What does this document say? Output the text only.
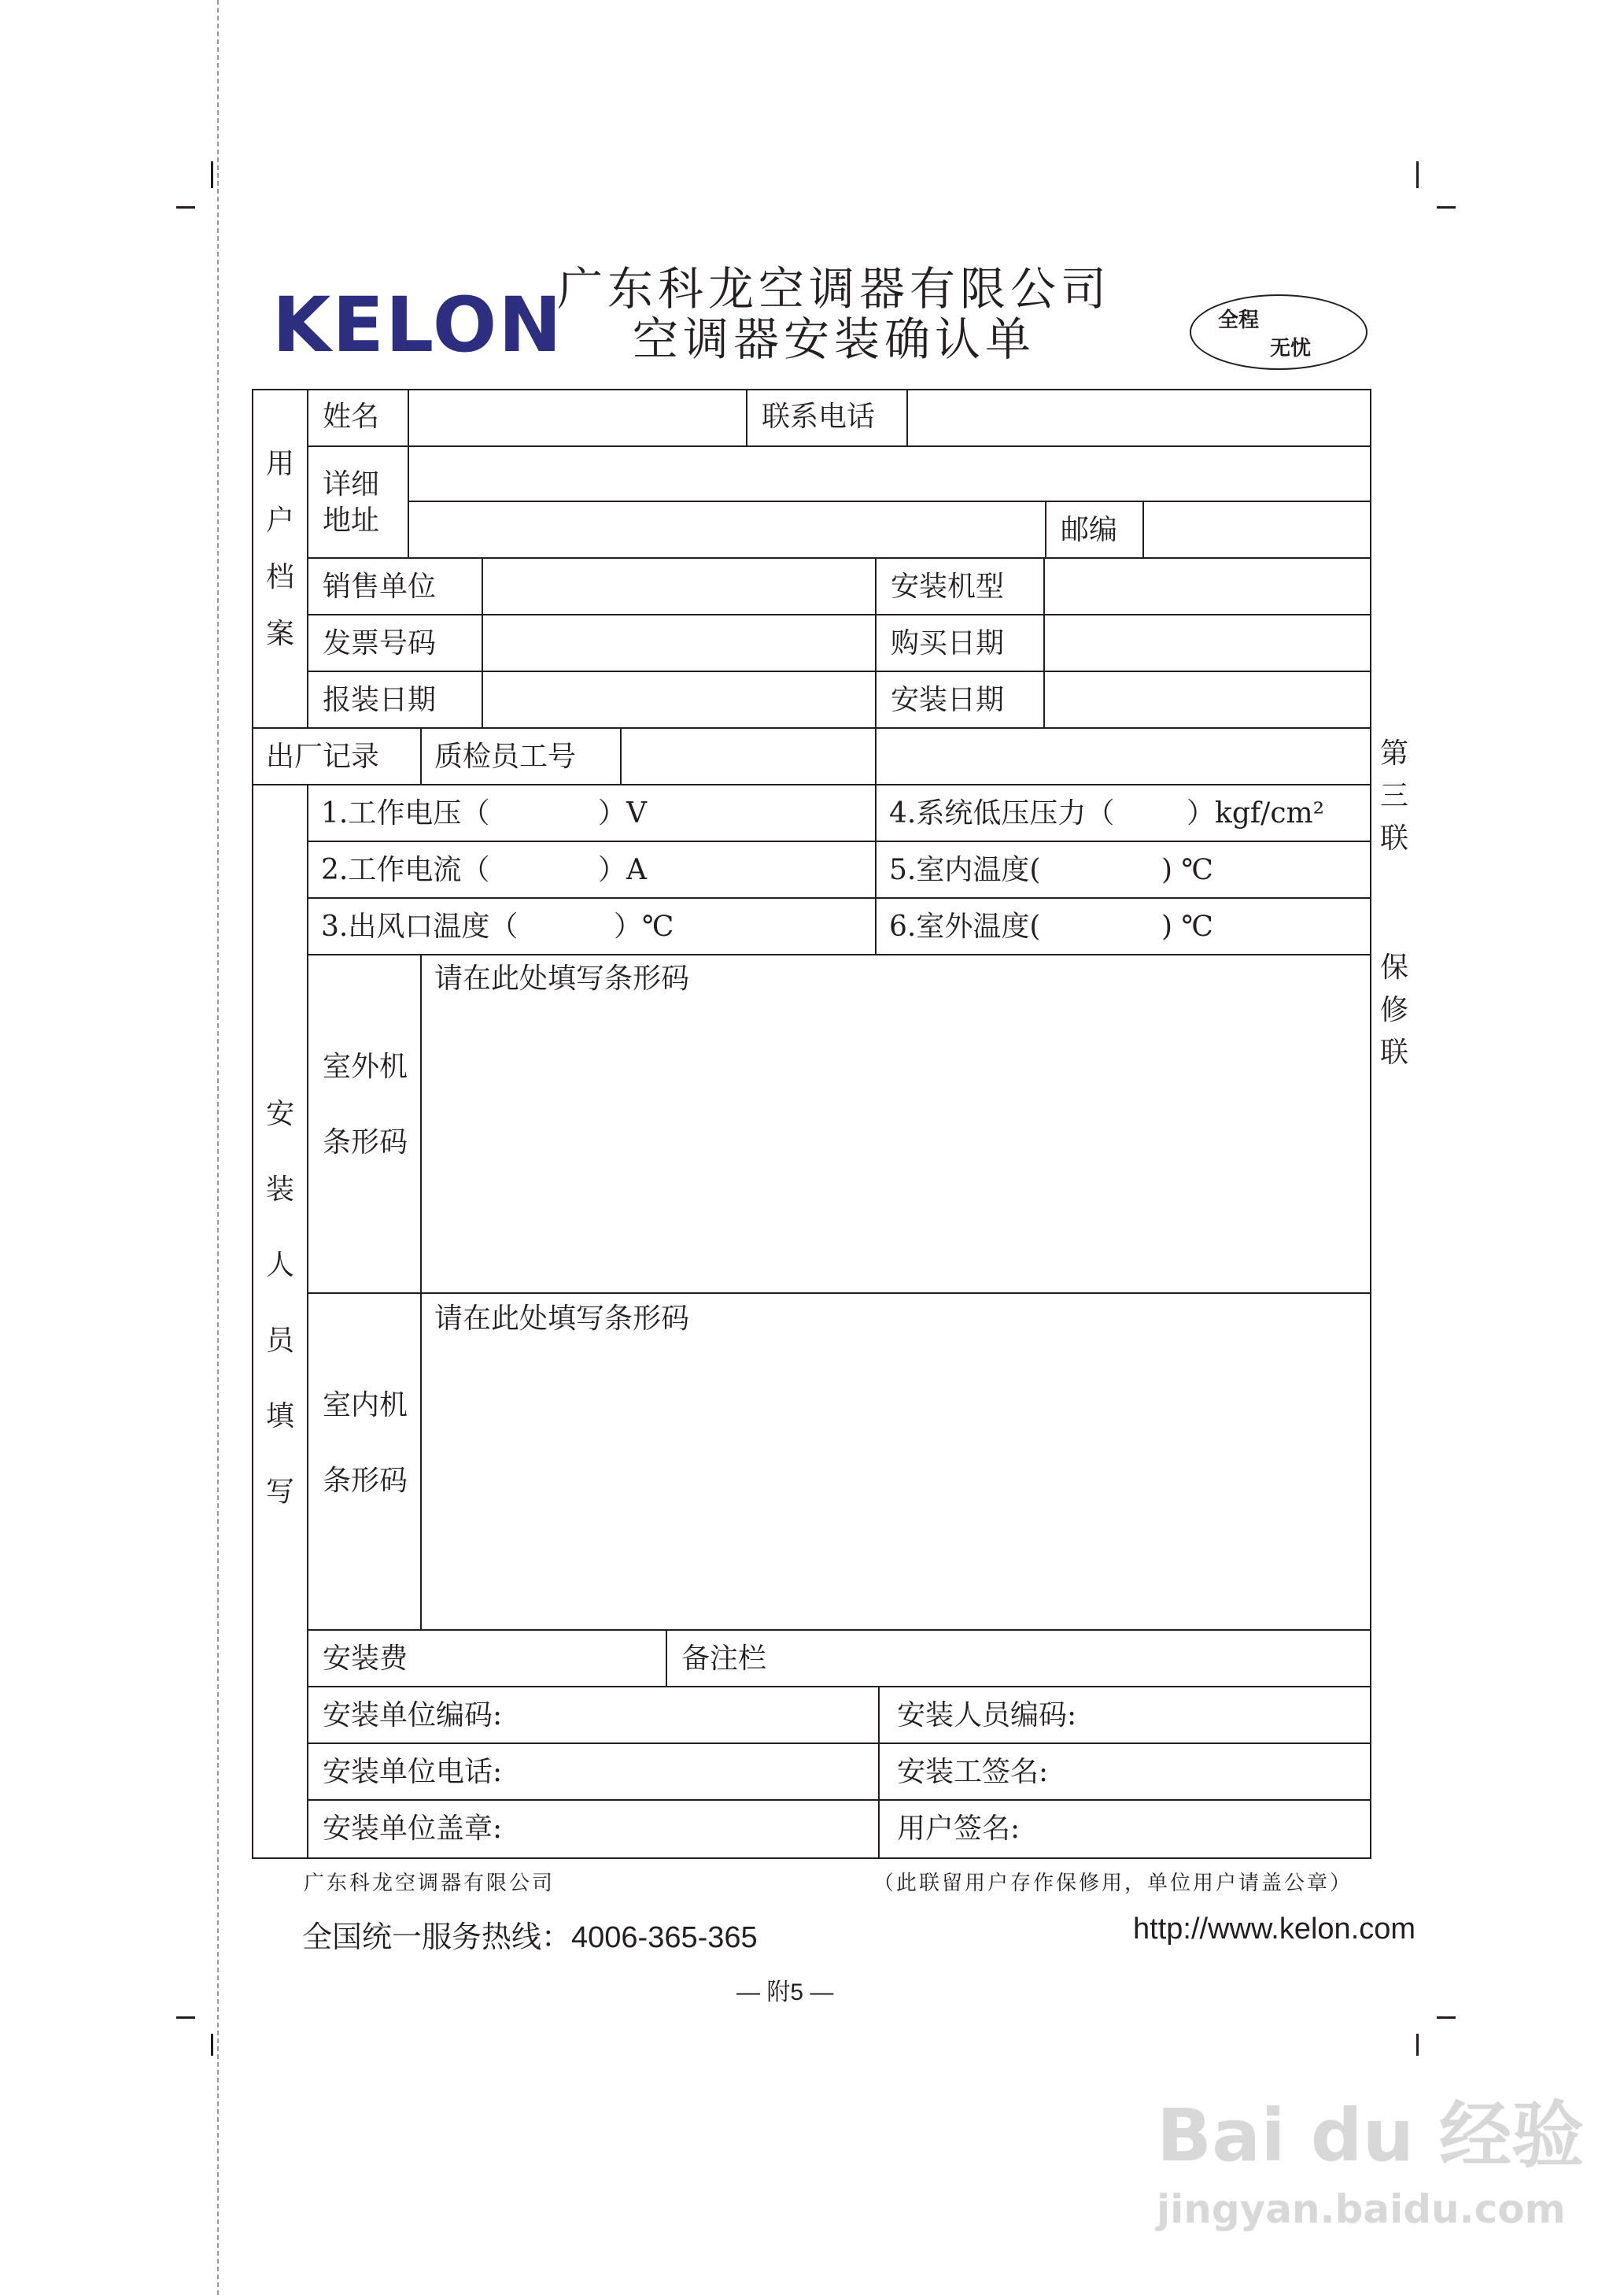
KELON
广东科龙空调器有限公司
空调器安装确认单	全程
无忧
用
户
档
案
安
装
人
员
填
写
姓名	联系电话
详细
地址	邮编
销售单位	安装机型
发票号码	购买日期
报装日期	安装日期
出厂记录 质检员工号
1.工作电压（	）V
2.工作电流（	）A
3.出风口温度（	）℃
4.系统低压压力（	）kgf/cm²
5.室内温度(	) ℃
6.室外温度(	) ℃
请在此处填写条形码
室外机
条形码
请在此处填写条形码
室内机
条形码
安装费	备注栏
安装单位编码:	安装人员编码:
安装单位电话:	安装工签名:
安装单位盖章:	用户签名:
第
三
联
保
修
联
广东科龙空调器有限公司	（此联留用户存作保修用，单位用户请盖公章）
全国统一服务热线：4006-365-365	http://www.kelon.com
— 附5 —
Bai du 经验
jingyan.baidu.com
